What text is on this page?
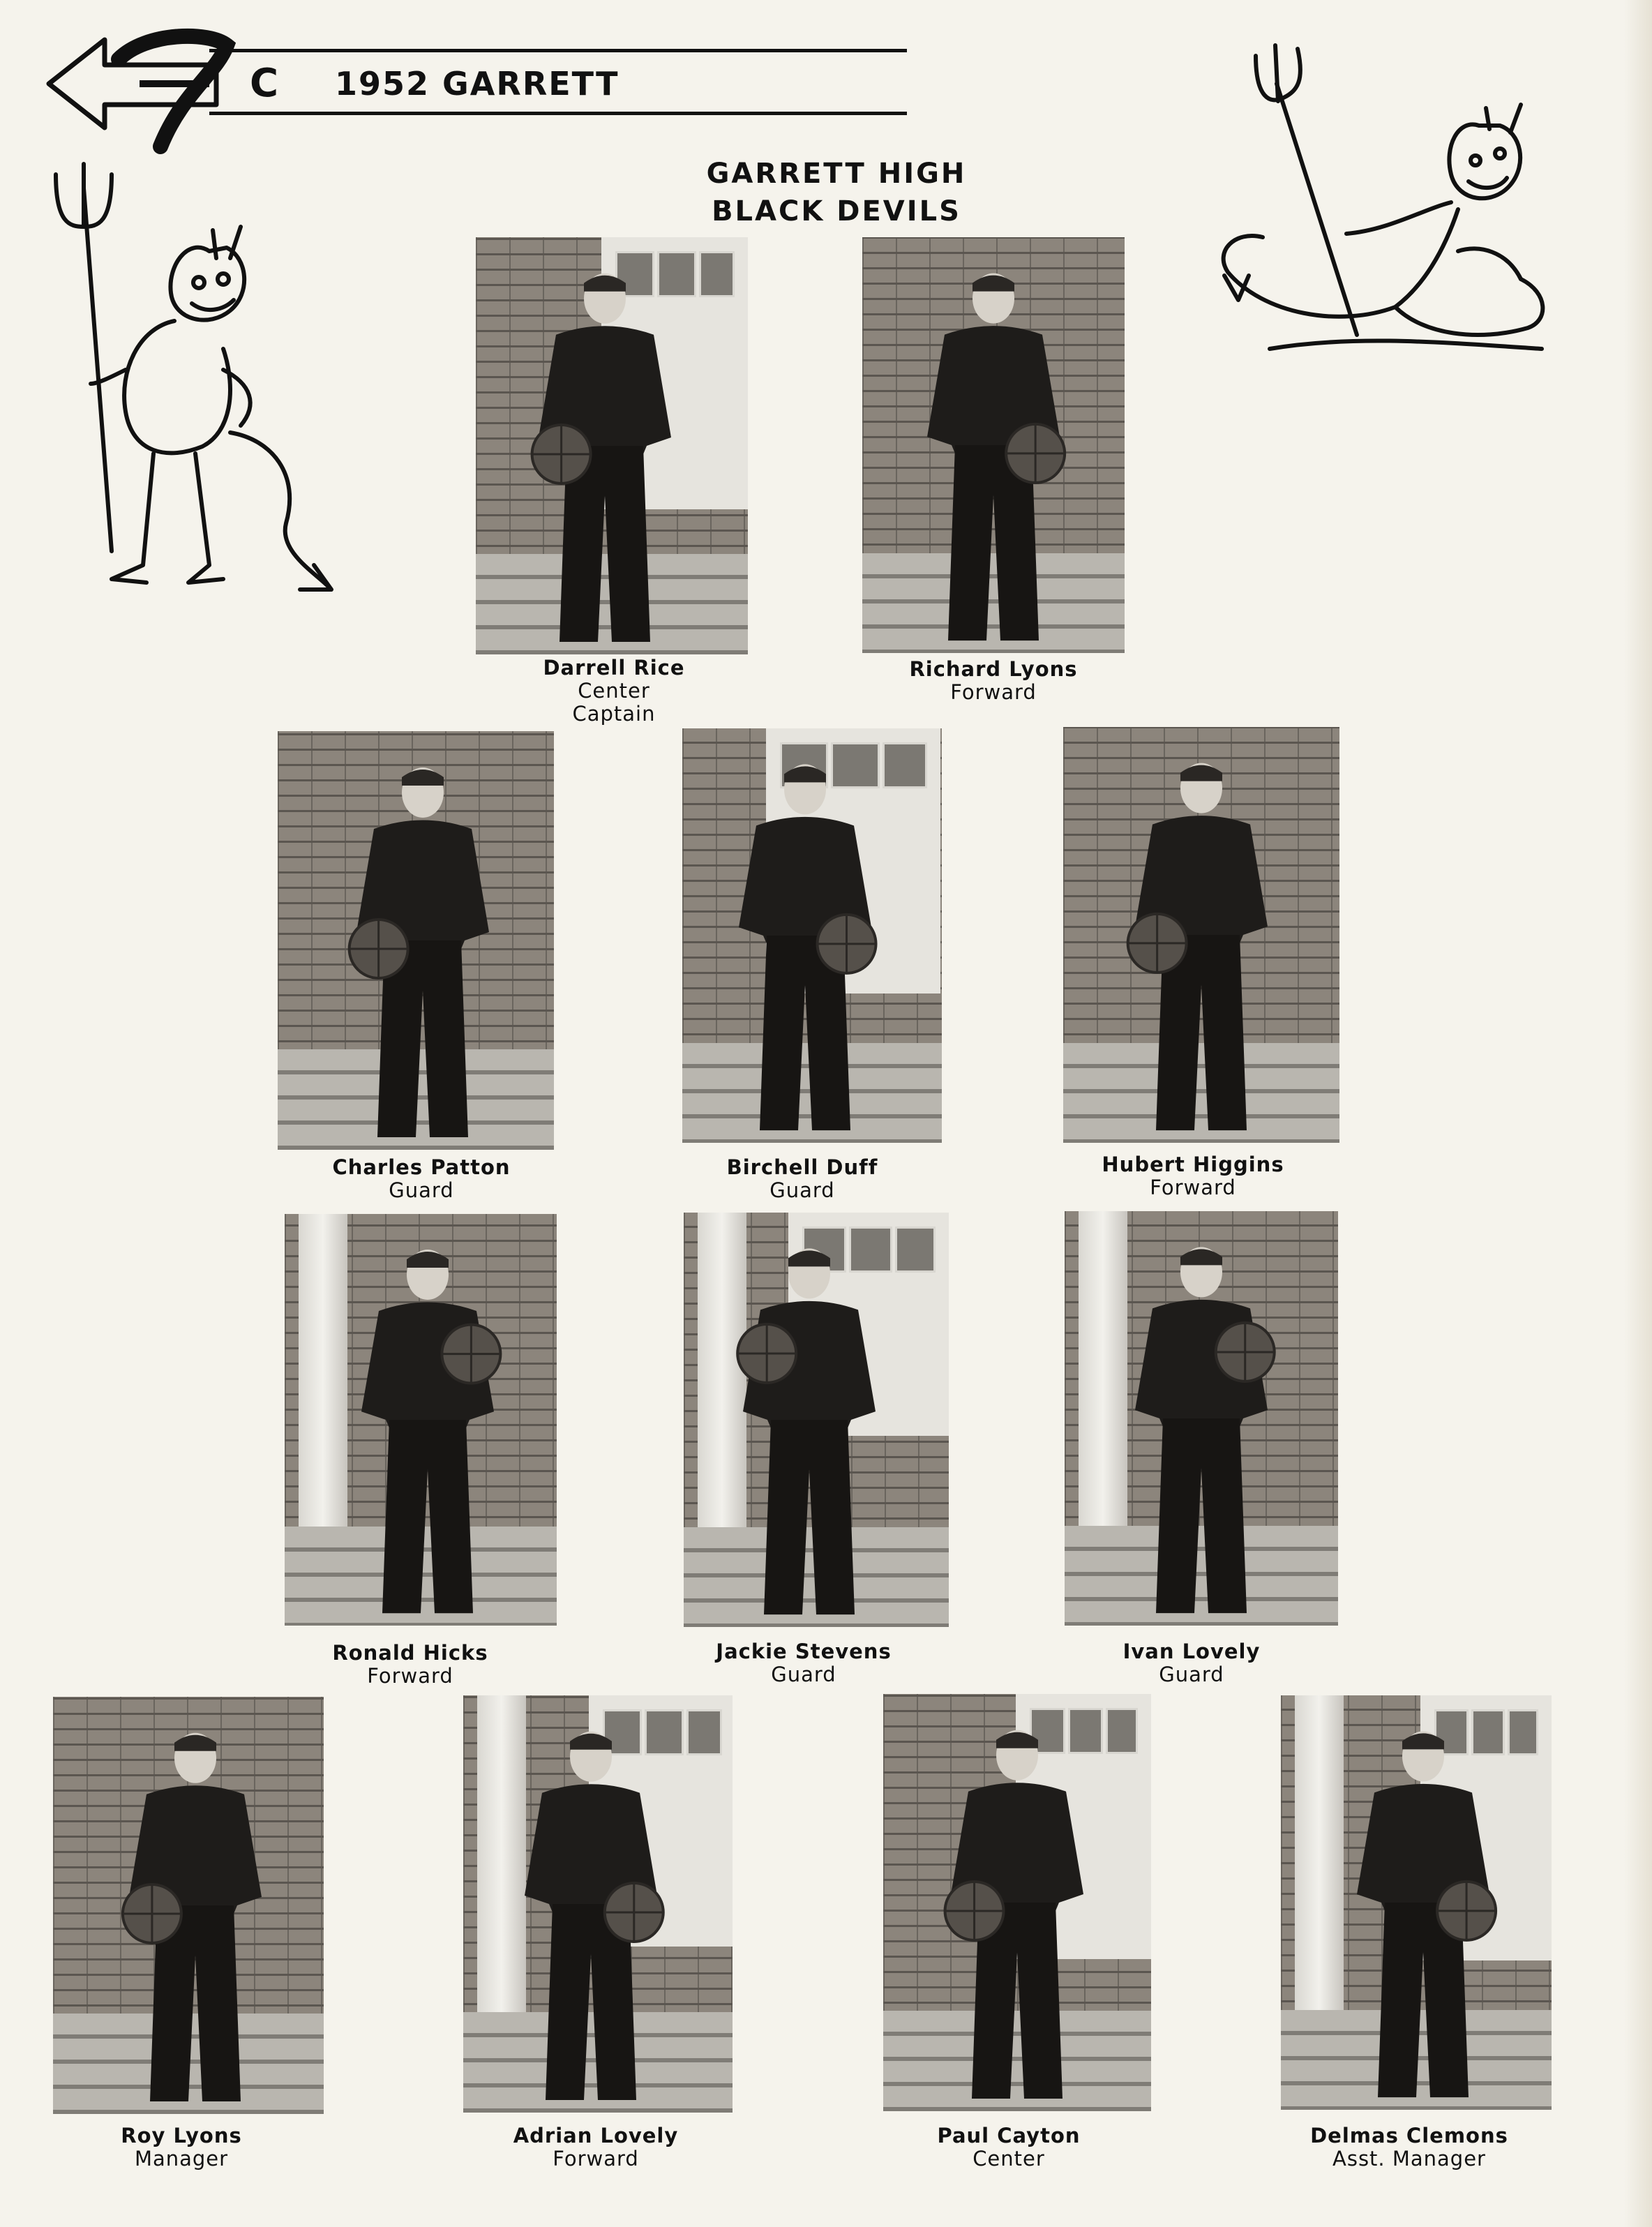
C 1952 GARRETT
GARRETT HIGH
BLACK DEVILS
Darrell Rice
Center
Captain
Richard Lyons
Forward
Charles Patton
Guard
Birchell Duff
Guard
Hubert Higgins
Forward
Ronald Hicks
Forward
Jackie Stevens
Guard
Ivan Lovely
Guard
Roy Lyons
Manager
Adrian Lovely
Forward
Paul Cayton
Center
Delmas Clemons
Asst. Manager
